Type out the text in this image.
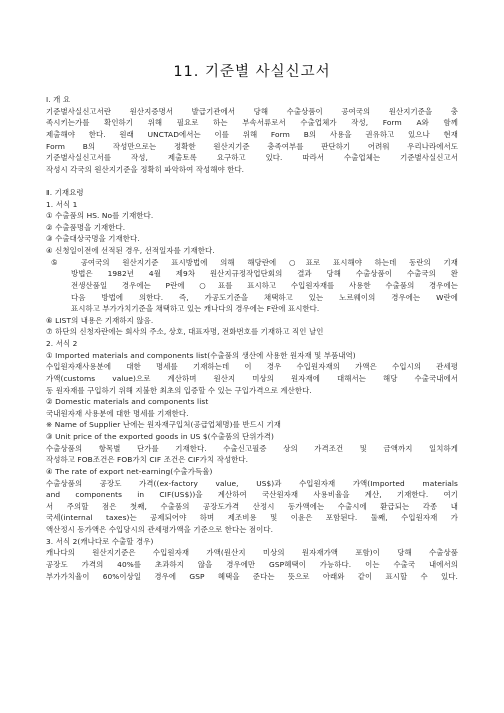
11. 기준별 사실신고서
Ⅰ. 개 요
기준별사실신고서란 원산지증명서 발급기관에서 당해 수출상품이 공여국의 원산지기준을 충
족시키는가를 확인하기 위해 필요로 하는 부속서류로서 수출업체가 작성, Form A와 함께
제출해야 한다. 원래 UNCTAD에서는 이를 위해 Form B의 사용을 권유하고 있으나 현재
Form B의 작성만으로는 정확한 원산지기준 충족여부를 판단하기 어려워 우리나라에서도
기준별사실신고서를 작성, 제출토록 요구하고 있다. 따라서 수출업체는 기준별사실신고서
작성시 각국의 원산지기준을 정확히 파악하여 작성해야 한다.
Ⅱ. 기재요령
1. 서식 1
① 수출품의 HS. No를 기재한다.
② 수출품명을 기재한다.
③ 수출대상국명을 기재한다.
④ 신청일이전에 선적된 경우, 선적일자를 기재한다.
⑤ 공여국의 원산지기준 표시방법에 의해 해당란에 ○표로 표시해야 하는데 동란의 기재
방법은 1982년 4월 제9차 원산지규정작업단회의 결과 당해 수출상품이 수출국의 완
전생산품일 경우에는 P란에 ○표를 표시하고 수입원자재를 사용한 수출품의 경우에는
다음 방법에 의한다. 즉, 가공도기준을 채택하고 있는 노르웨이의 경우에는 W란에
표시하고 부가가치기준을 채택하고 있는 캐나다의 경우에는 F란에 표시한다.
⑥ LIST의 내용은 기재하지 않음.
⑦ 하단의 신청자란에는 회사의 주소, 상호, 대표자명, 전화번호를 기재하고 직인 날인
2. 서식 2
① Imported materials and components list(수출품의 생산에 사용한 원자재 및 부품내역)
수입원자재사용분에 대한 명세를 기재하는데 이 경우 수입원자재의 가액은 수입시의 관세평
가액(customs value)으로 계산하며 원산지 미상의 원자재에 대해서는 해당 수출국내에서
동 원자재를 구입하기 위해 지불한 최초의 입증할 수 있는 구입가격으로 계산한다.
② Domestic materials and components list
국내원자재 사용분에 대한 명세를 기재한다.
※ Name of Supplier 난에는 원자재구입처(공급업체명)를 반드시 기재
③ Unit price of the exported goods in US $(수출품의 단위가격)
수출상품의 항목별 단가를 기재한다. 수출신고필증 상의 가격조건 및 금액까지 일치하게
작성하고 FOB조건은 FOB가치 CIF 조건은 CIF가치 작성한다.
④ The rate of export net-earning(수출가득율)
수출상품의 공장도 가격((ex-factory value, US$)과 수입원자재 가액(Imported materials
and components in CIF(US$))을 계산하여 국산원자재 사용비율을 계산, 기재한다. 여기
서 주의할 점은 첫째, 수출품의 공장도가격 산정시 동가액에는 수출시에 환급되는 각종 내
국세(internal taxes)는 공제되어야 하며 제조비용 및 이윤은 포함된다. 둘째, 수입원자재 가
액산정시 동가액은 수입당시의 관세평가액을 기준으로 한다는 점이다.
3. 서식 2(캐나다로 수출할 경우)
캐나다의 원산지기준은 수입원자재 가액(원산지 미상의 원자재가액 포함)이 당해 수출상품
공장도 가격의 40%를 초과하지 않을 경우에만 GSP혜택이 가능하다. 이는 수출국 내에서의
부가가치율이 60%이상일 경우에 GSP 혜택을 준다는 뜻으로 아래와 같이 표시할 수 있다.
